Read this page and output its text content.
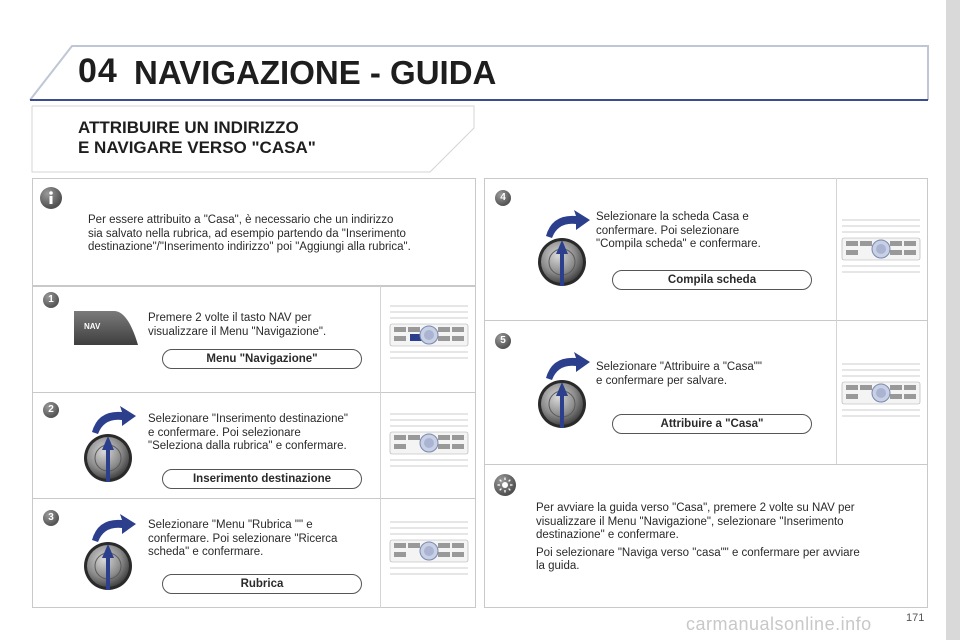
04 NAVIGAZIONE - GUIDA
ATTRIBUIRE UN INDIRIZZO
E NAVIGARE VERSO "CASA"
Per essere attribuito a "Casa", è necessario che un indirizzo
sia salvato nella rubrica, ad esempio partendo da "Inserimento
destinazione"/"Inserimento indirizzo" poi "Aggiungi alla rubrica".
1
NAV
Premere 2 volte il tasto NAV per
visualizzare il Menu "Navigazione".
Menu "Navigazione"
2
Selezionare "Inserimento destinazione"
e confermare. Poi selezionare
"Seleziona dalla rubrica" e confermare.
Inserimento destinazione
3
Selezionare "Menu "Rubrica "" e
confermare. Poi selezionare "Ricerca
scheda" e confermare.
Rubrica
4
Selezionare la scheda Casa e
confermare. Poi selezionare
"Compila scheda" e confermare.
Compila scheda
5
Selezionare "Attribuire a "Casa""
e confermare per salvare.
Attribuire a "Casa"
Per avviare la guida verso "Casa", premere 2 volte su NAV per
visualizzare il Menu "Navigazione", selezionare "Inserimento
destinazione" e confermare.
Poi selezionare "Naviga verso "casa"" e confermare per avviare
la guida.
171
carmanualsonline.info
